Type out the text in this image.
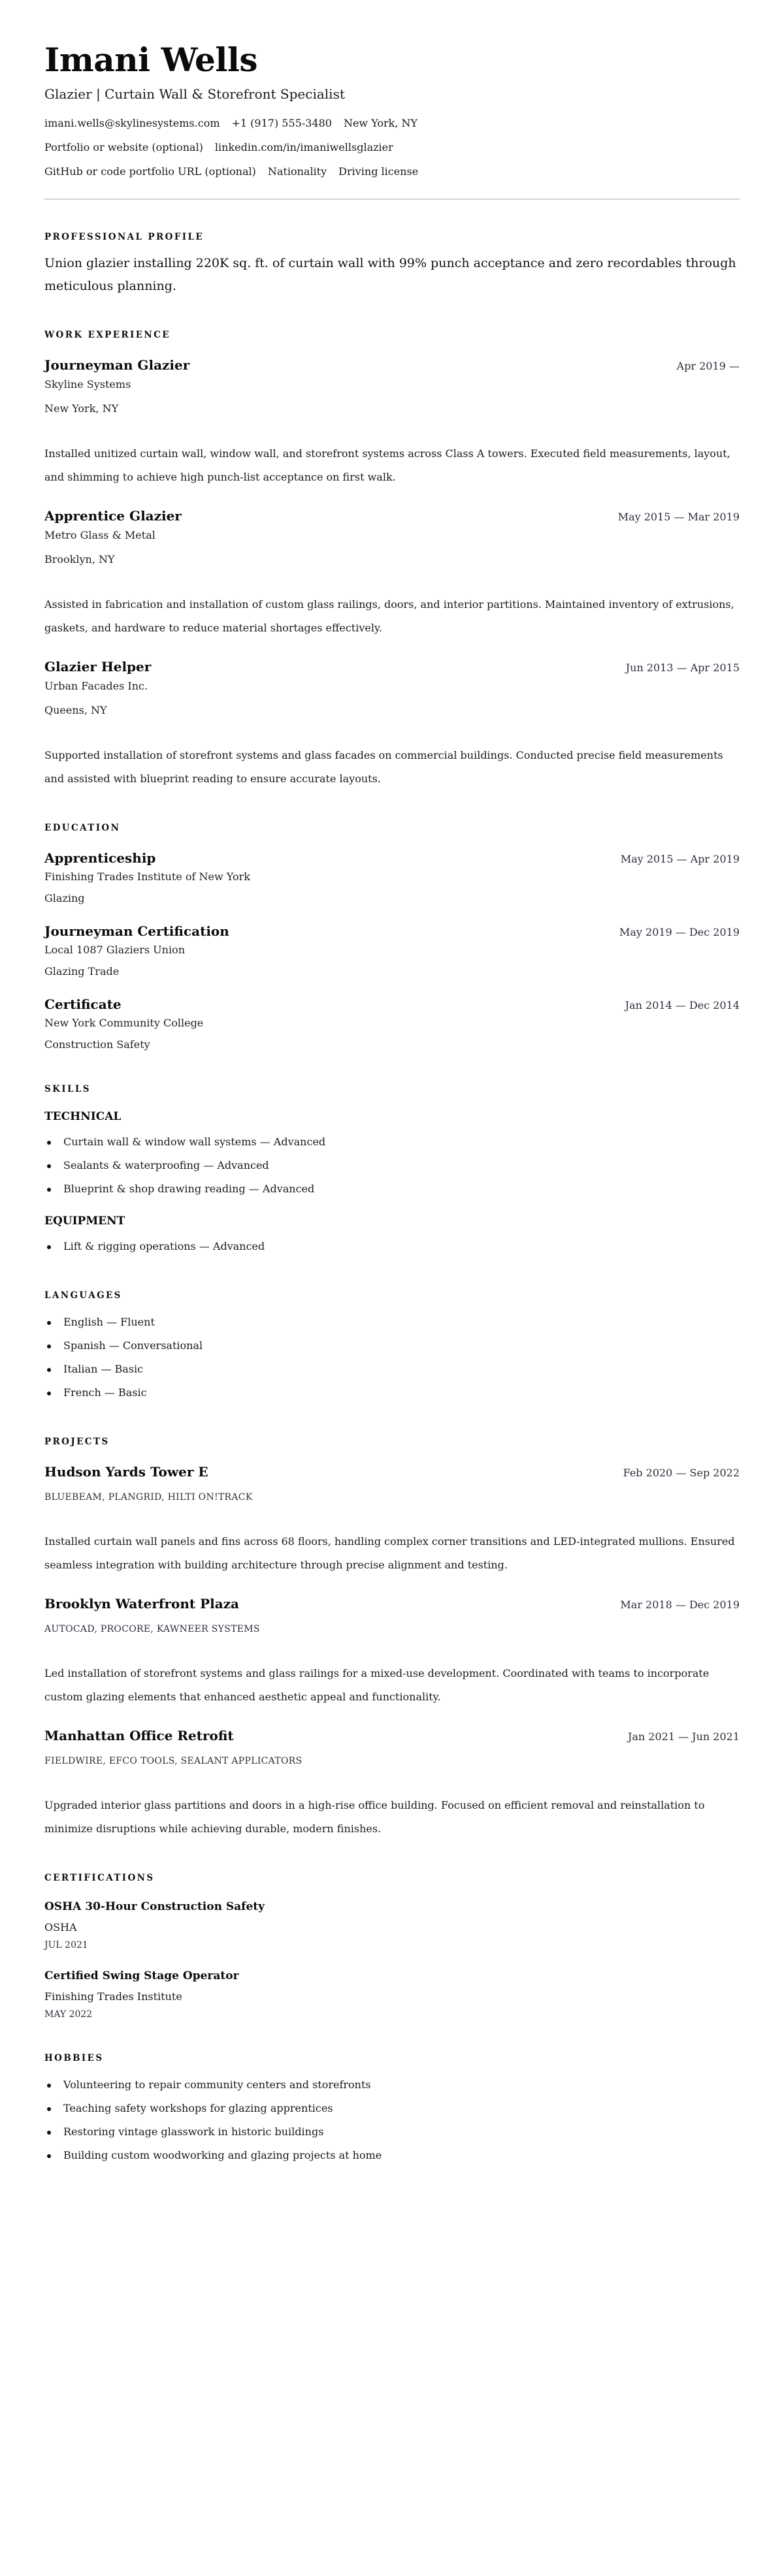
Imani Wells
Glazier | Curtain Wall & Storefront Specialist
imani.wells@skylinesystems.com +1 (917) 555-3480 New York, NY
Portfolio or website (optional) linkedin.com/in/imaniwellsglazier
GitHub or code portfolio URL (optional) Nationality Driving license
PROFESSIONAL PROFILE

Union glazier installing 220K sq. ft. of curtain wall with 99% punch acceptance and zero recordables through meticulous planning.

WORK EXPERIENCE
Journeyman Glazier	Apr 2019 —
Skyline Systems
New York, NY

Installed unitized curtain wall, window wall, and storefront systems across Class A towers. Executed field measurements, layout, and shimming to achieve high punch-list acceptance on first walk.

Apprentice Glazier	May 2015 — Mar 2019
Metro Glass & Metal
Brooklyn, NY

Assisted in fabrication and installation of custom glass railings, doors, and interior partitions. Maintained inventory of extrusions, gaskets, and hardware to reduce material shortages effectively.

Glazier Helper	Jun 2013 — Apr 2015
Urban Facades Inc.
Queens, NY

Supported installation of storefront systems and glass facades on commercial buildings. Conducted precise field measurements and assisted with blueprint reading to ensure accurate layouts.

EDUCATION
Apprenticeship	May 2015 — Apr 2019
Finishing Trades Institute of New York
Glazing
Journeyman Certification	May 2019 — Dec 2019
Local 1087 Glaziers Union
Glazing Trade
Certificate	Jan 2014 — Dec 2014
New York Community College
Construction Safety
SKILLS
TECHNICAL
Curtain wall & window wall systems — Advanced
Sealants & waterproofing — Advanced
Blueprint & shop drawing reading — Advanced
EQUIPMENT
Lift & rigging operations — Advanced
LANGUAGES
English — Fluent
Spanish — Conversational
Italian — Basic
French — Basic
PROJECTS
Hudson Yards Tower E	Feb 2020 — Sep 2022
BLUEBEAM, PLANGRID, HILTI ON!TRACK

Installed curtain wall panels and fins across 68 floors, handling complex corner transitions and LED-integrated mullions. Ensured seamless integration with building architecture through precise alignment and testing.

Brooklyn Waterfront Plaza	Mar 2018 — Dec 2019
AUTOCAD, PROCORE, KAWNEER SYSTEMS

Led installation of storefront systems and glass railings for a mixed-use development. Coordinated with teams to incorporate custom glazing elements that enhanced aesthetic appeal and functionality.

Manhattan Office Retrofit	Jan 2021 — Jun 2021
FIELDWIRE, EFCO TOOLS, SEALANT APPLICATORS

Upgraded interior glass partitions and doors in a high-rise office building. Focused on efficient removal and reinstallation to minimize disruptions while achieving durable, modern finishes.

CERTIFICATIONS
OSHA 30-Hour Construction Safety
OSHA
JUL 2021
Certified Swing Stage Operator
Finishing Trades Institute
MAY 2022
HOBBIES
Volunteering to repair community centers and storefronts
Teaching safety workshops for glazing apprentices
Restoring vintage glasswork in historic buildings
Building custom woodworking and glazing projects at home
